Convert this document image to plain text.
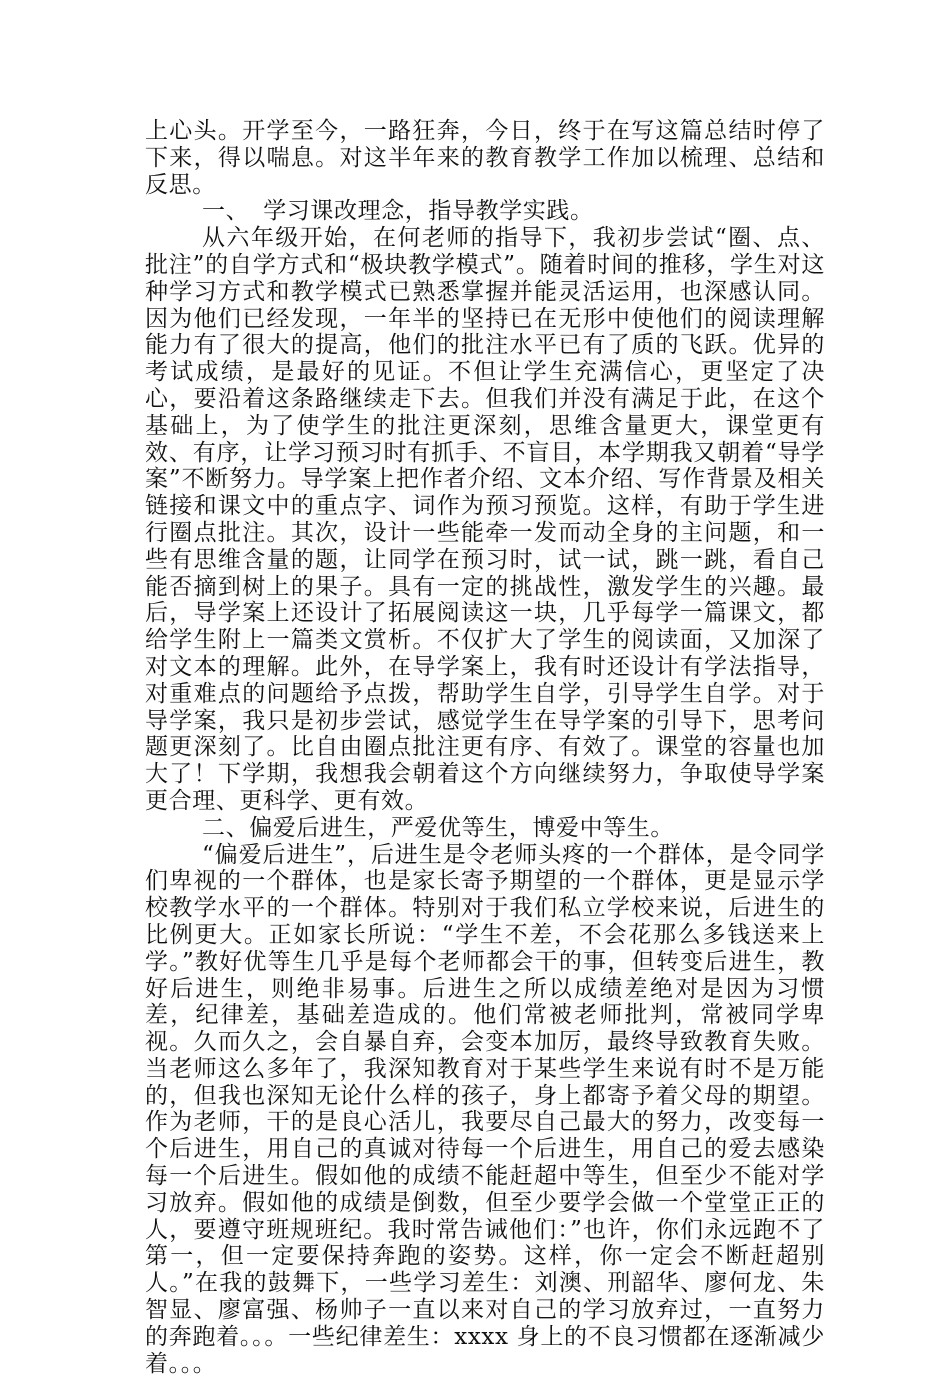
上心头。开学至今，一路狂奔，今日，终于在写这篇总结时停了下来，得以喘息。对这半年来的教育教学工作加以梳理、总结和反思。

一、 学习课改理念，指导教学实践。

从六年级开始，在何老师的指导下，我初步尝试“圈、点、批注”的自学方式和“极块教学模式”。随着时间的推移，学生对这种学习方式和教学模式已熟悉掌握并能灵活运用，也深感认同。因为他们已经发现，一年半的坚持已在无形中使他们的阅读理解能力有了很大的提高，他们的批注水平已有了质的飞跃。优异的考试成绩，是最好的见证。不但让学生充满信心，更坚定了决心，要沿着这条路继续走下去。但我们并没有满足于此，在这个基础上，为了使学生的批注更深刻，思维含量更大，课堂更有效、有序，让学习预习时有抓手、不盲目，本学期我又朝着“导学案”不断努力。导学案上把作者介绍、文本介绍、写作背景及相关链接和课文中的重点字、词作为预习预览。这样，有助于学生进行圈点批注。其次，设计一些能牵一发而动全身的主问题，和一些有思维含量的题，让同学在预习时，试一试，跳一跳，看自己能否摘到树上的果子。具有一定的挑战性，激发学生的兴趣。最后，导学案上还设计了拓展阅读这一块，几乎每学一篇课文，都给学生附上一篇类文赏析。不仅扩大了学生的阅读面，又加深了对文本的理解。此外，在导学案上，我有时还设计有学法指导，对重难点的问题给予点拨，帮助学生自学，引导学生自学。对于导学案，我只是初步尝试，感觉学生在导学案的引导下，思考问题更深刻了。比自由圈点批注更有序、有效了。课堂的容量也加大了！下学期，我想我会朝着这个方向继续努力，争取使导学案更合理、更科学、更有效。

二、偏爱后进生，严爱优等生，博爱中等生。

“偏爱后进生”，后进生是令老师头疼的一个群体，是令同学们卑视的一个群体，也是家长寄予期望的一个群体，更是显示学校教学水平的一个群体。特别对于我们私立学校来说，后进生的比例更大。正如家长所说：“学生不差，不会花那么多钱送来上学。”教好优等生几乎是每个老师都会干的事，但转变后进生，教好后进生，则绝非易事。后进生之所以成绩差绝对是因为习惯差，纪律差，基础差造成的。他们常被老师批判，常被同学卑视。久而久之，会自暴自弃，会变本加厉，最终导致教育失败。当老师这么多年了，我深知教育对于某些学生来说有时不是万能的，但我也深知无论什么样的孩子，身上都寄予着父母的期望。作为老师，干的是良心活儿，我要尽自己最大的努力，改变每一个后进生，用自己的真诚对待每一个后进生，用自己的爱去感染每一个后进生。假如他的成绩不能赶超中等生，但至少不能对学习放弃。假如他的成绩是倒数，但至少要学会做一个堂堂正正的人，要遵守班规班纪。我时常告诫他们：”也许，你们永远跑不了第一，但一定要保持奔跑的姿势。这样，你一定会不断赶超别人。”在我的鼓舞下，一些学习差生：刘澳、刑韶华、廖何龙、朱智显、廖富强、杨帅子一直以来对自己的学习放弃过，一直努力的奔跑着。。。一些纪律差生：xxxx 身上的不良习惯都在逐渐减少着。。。
